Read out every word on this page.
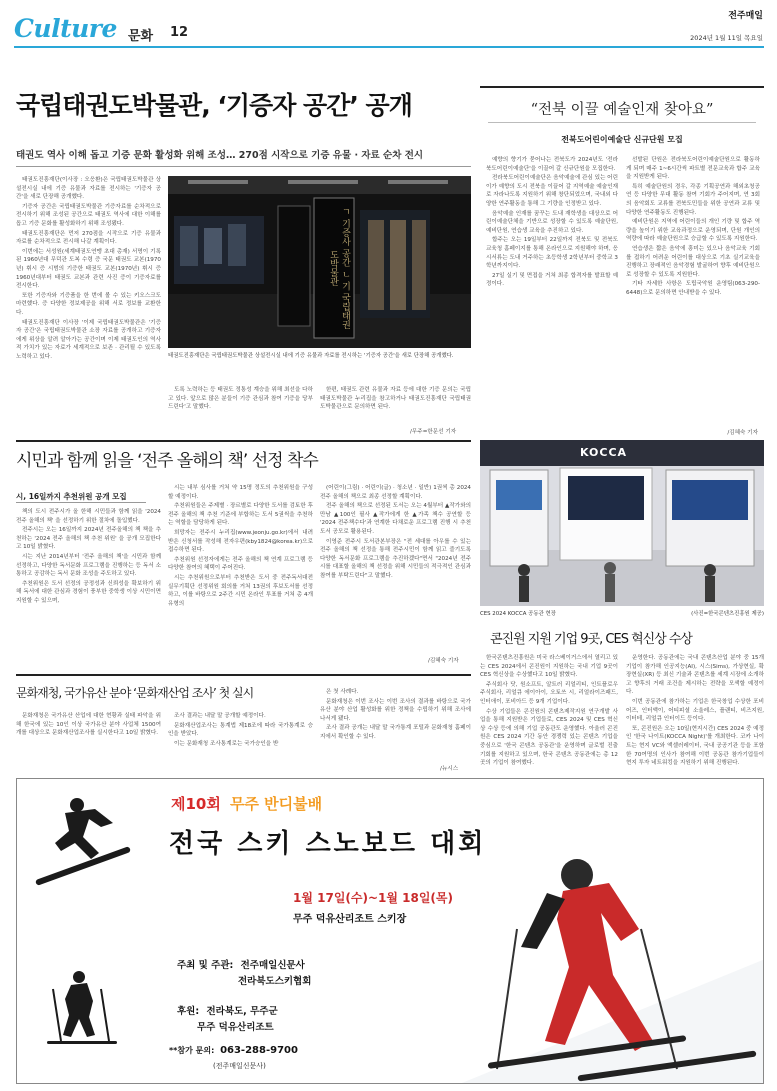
Culture 문화 12
전주매일
2024년 1월 11일 목요일
국립태권도박물관, ‘기증자 공간’ 공개
태권도 역사 이해 돕고 기증 문화 활성화 위해 조성… 270점 시작으로 기증 유물 · 자료 순차 전시

태권도진흥재단(이사장 : 오응환)은 국립태권도박물관 상설전시실 내에 기증 유물과 자료를 전시하는 '기증자 공간'을 새로 단장해 공개했다.

기증자 공간은 국립태권도박물관 기증자료를 순차적으로 전시하기 위해 조성된 공간으로 태권도 역사에 대한 이해를 돕고 기증 문화를 활성화하기 위해 조성됐다.

태권도진흥재단은 먼저 270점을 시작으로 기증 유물과 자료를 순차적으로 전시해 나갈 계획이다.

이번에는 서성원(세계태권도연맹 초대 총재) 서명이 기록된 1960년대 무덕관 도복 수령 증 국문 태권도 교본(1970년) 휘시 증 시범의 기증한 태권도 교본(1970년) 휘시 증 1960년대부터 태권도 교본과 관련 사진 증이 기증자료를 전시한다.

또한 기증자와 기증품을 한 번에 볼 수 있는 키오스크도 마련했다. 증 다양한 정보제공을 위해 서로 정보를 교환한다.

태권도진흥재단 이사장 '이제 국립태권도박물관은 '기증자 공간'은 국립태권도박물관 소장 자료를 공개하고 기증자에게 위상을 알려 알아가는 공간이며 이제 태권도인의 역사적 가치가 있는 자료가 세계적으로 보존 · 관리될 수 있도록 노력하고 있다.

ㄱ 기증사 공간 ㄴ 기 국립태권도박물관
태권도진흥재단은 국립태권도박물관 상설전시실 내에 기증 유물과 자료를 전시하는 '기증자 공간'을 새로 단장해 공개했다.

도록 노력하는 등 태권도 정통성 계승을 위해 최선을 다하고 있다. 앞으로 많은 분들이 기증 관심과 참여 기증을 당부드린다'고 말했다.

한편, 태권도 관련 유물과 자료 등에 대한 기증 문의는 국립태권도박물관 누리집을 참고하거나 태권도진흥재단 국립태권도박물관으로 문의하면 된다.

/무주=한문선 기자
“전북 이끌 예술인재 찾아요”
전북도어린이예술단 신규단원 모집

예향의 향기가 묻어나는 전북도가 2024년도 '전라북도어린이예술단'을 이끌어 갈 신규단원을 모집한다.

전라북도어린이예술단은 음악예술에 관심 있는 어린이가 예향의 도시 전북을 이끌어 갈 지역예술 예술인재로 자라나도록 지원하기 위해 창단되었으며, 국내외 다양한 연주활동을 통해 그 기량을 인정받고 있다.

음악예술 인재를 꿈꾸는 도내 재학생을 대상으로 어린이예술단체을 기반으로 성장할 수 있도록 예술단원, 예비단원, 연습생 교육을 추진하고 있다.

합주는 오는 19일부터 22일까지 전북도 및 전북도교육청 홈페이지를 통해 온라인으로 지원해야 하며, 응시서류는 도내 거주하는 초등학생 2학년부터 중학교 3학년까지이다.

27일 실기 및 면접을 거쳐 최종 합격자를 발표할 예정이다.

선발된 단원은 전라북도어린이예술단원으로 활동하게 되며 매주 1~6시간씩 파트별 전문교육과 합주 교육을 지원받게 된다.

특히 예술단원의 경우, 각종 기획공연과 해외초청공연 등 다양한 무대 활동 참여 기회가 주어지며, 연 3회의 음악회도 교류를 전북도민들을 위한 공연과 교류 및 다양한 연주활동도 진행된다.

예비단원은 지역에 어린이들의 개인 기량 및 합주 역량을 높이기 위한 교육과정으로 운영되며, 단원 개인의 역량에 따라 예술단원으로 승급할 수 있도록 지원한다.

연습생은 짧은 음악에 흥미는 있으나 음악교육 기회를 접하기 어려운 어린이를 대상으로 기초 실기교육을 진행하고 장래적인 음악경험 발굴하여 향후 예비단원으로 성장할 수 있도록 지원한다.

기타 자세한 사항은 도립국악원 운영팀(063-290-6448)으로 문의하면 안내받을 수 있다.

/김혜숙 기자
시민과 함께 읽을 ‘전주 올해의 책’ 선정 착수
시, 16일까지 추천위원 공개 모집

책의 도시 전주시가 올 한해 시민들과 함께 읽을 '2024 전주 올해의 책' 을 선정하기 위한 절차에 돌입했다.

전주시는 오는 16일까지 2024년 전주올해의 책 책을 추천하는 '2024 전주 올해의 책 추천 위원' 을 공개 모집한다고 10일 밝혔다.

시는 지난 2014년부터 '전주 올해의 책'을 시민과 함께 선정하고, 다양한 독서문화 프로그램을 진행하는 등 독서 소통하고 공감하는 독서 문화 조성을 주도하고 있다.

추천위원은 도서 선정의 공정성과 신뢰성을 확보하기 위해 독서에 대한 관심과 경험이 풍부한 중학생 이상 시민이면 지원할 수 있으며,

시는 내부 심사를 거쳐 약 15명 정도의 추천위원을 구성할 예정이다.

추천위원들은 주제별 · 장르별로 다양한 도서를 검토한 후 전주 올해의 책 추천 기준에 부합하는 도서 5권씩을 추천하는 역할을 담당하게 된다.

희망자는 전주시 누리집(www.jeonju.go.kr)에서 내려 받은 신청서를 작성해 전자우편(kby1824@korea.kr)으로 접수하면 된다.

추천위원 선정자에게는 전주 올해의 책 연계 프로그램 등 다양한 참여의 혜택이 주어진다.

시는 추천위원으로부터 추천받은 도서 중 전주독서대전 실무기획단 선정위원 회의를 거쳐 13권의 후보도서를 선정하고, 이를 바탕으로 2주간 시민 온라인 투표를 거쳐 총 4개 유형의

(어린이(그림) · 어린이(글) · 청소년 · 일반) 1권씩 총 2024 전주 올해의 책으로 최종 선정할 계획이다.

전주 올해의 책으로 선정된 도서는 오는 4월부터 ▲작가와의 만남 ▲100인 필사 ▲작가에게 한 ▲가족 책수 공연할 등 '2024 전주책수다'과 연계한 다채로운 프로그램 진행 시 추천 도서 공모로 활용된다.

이영준 전주시 도서관본부장은 "전 세대를 아우를 수 있는 전주 올해의 책 선정을 통해 전주시민이 함께 읽고 즐기도록 다양한 독서문화 프로그램을 추진하겠다"면서 "2024년 전주시를 대표할 올해의 책 선정을 위해 시민들의 적극적인 관심과 참여를 부탁드린다"고 말했다.

/김혜숙 기자
KOCCA
CES 2024 KOCCA 공동관 현장	(사진=한국콘텐츠진흥원 제공)
콘진원 지원 기업 9곳, CES 혁신상 수상

한국콘텐츠진흥원은 미국 라스베이거스에서 열리고 있는 CES 2024에서 콘진원이 지원하는 국내 기업 9곳이 CES 혁신상을 수상했다고 10일 밝혔다.

주식회사 닷, 원소프트, 알트러 리얼리티, 인트플로우 주식회사, 리얼큐 에이아이, 오토쓰 시, 리얼라이즈패드, 인터애이, 포비아드 등 9개 기업이다.

수상 기업들은 콘진원의 콘텐츠제작지원 연구개발 사업을 통해 지원받은 기업들로, CES 2024 및 CES 혁신상 수상 등에 의해 기업 공동관도 운영했다. 아울러 콘진원은 CES 2024 기간 동안 경쟁력 있는 콘텐츠 기업을 중심으로 '한국 콘텐츠 공동관'을 운영하며 글로벌 진출 기회를 지원하고 있으며, 한국 콘텐츠 공동관에는 총 12곳의 기업이 참여했다.

운영한다. 공동관에는 국내 콘텐츠산업 분야 중 15개 기업이 참가해 인공지능(AI), 시스(Sims), 가상현실, 확장현실(XR) 등 최신 기술과 콘텐츠를 세계 시장에 소개하고 향후의 거래 조건을 제시하는 전략을 모색할 예정이다.

이번 공동관에 참가하는 기업은 한국창업 수상한 포비어즈, 인터액이, 어티피셜 소울레스, 플랜티, 비즈지원, 이터테, 리얼큐 인터이드 등이다.

또, 콘진원은 오는 10일(현지시간) CES 2024 중 예정인 '한국 나이트(KOCCA Night)'를 개최한다. 코카 나이트는 현지 VC와 액셀러레이터, 국내 공공기관 등을 포함한 70여명의 인사가 참여해 이번 공동관 참가기업들이 현지 투자 네트워킹을 지원하기 위해 진행된다.

문화재청, 국가유산 분야 ‘문화재산업 조사’ 첫 실시

문화재청은 국가유산 산업에 대한 현황과 실태 파악을 위해 한국에 있는 10인 이상 국가유산 분야 사업체 1500여 개를 대상으로 문화재산업조사를 실시한다고 10일 밝혔다.

조사 결과는 내달 말 공개할 예정이다.

문화재산업조사는 통계법 제18조에 따라 국가통계로 승인을 받았다.

이는 문화재청 조사통계로는 국가승인을 받

은 첫 사례다.

문화재청은 이번 조사는 이번 조사의 결과를 바탕으로 국가유산 분야 산업 활성화를 위한 정책을 수립하기 위해 조사에 나서게 됐다.

조사 결과 공개는 내달 말 국가통계 포털과 문화재청 홈페이지에서 확인할 수 있다.

/뉴시스
제10회 무주 반디불배
전국 스키 스노보드 대회
1월 17일(수)~1월 18일(목)
무주 덕유산리조트 스키장
주최 및 주관: 전주매일신문사
전라북도스키협회
후원: 전라북도, 무주군
무주 덕유산리조트
**참가 문의: 063-288-9700
(전주매일신문사)
